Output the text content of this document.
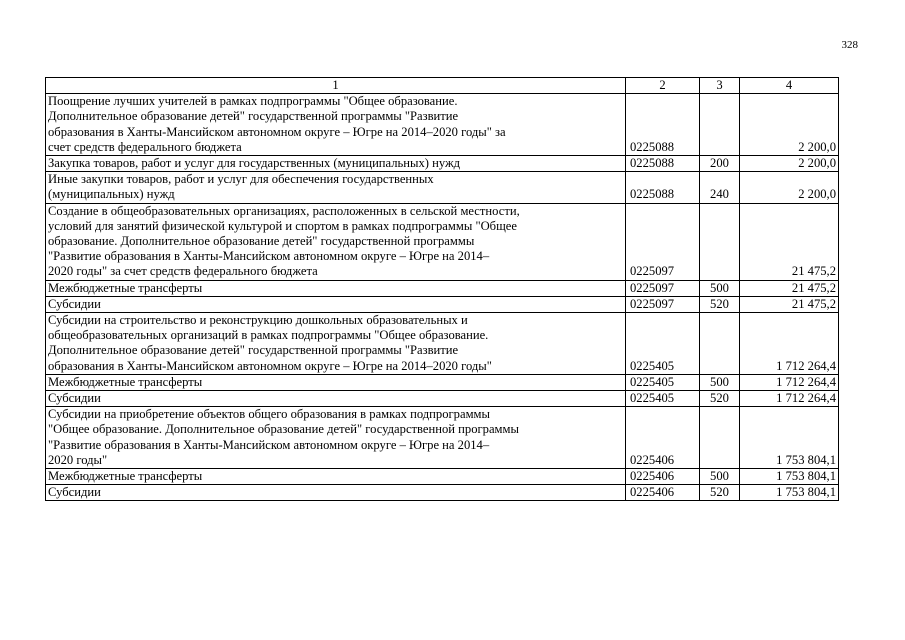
328
1	2	3	4

Поощрение лучших учителей в рамках подпрограммы "Общее образование.
Дополнительное образование детей" государственной программы "Развитие
образования в Ханты-Мансийском автономном округе – Югре на 2014–2020 годы" за
счет средств федерального бюджета	0225088		2 200,0

Закупка товаров, работ и услуг для государственных (муниципальных) нужд	0225088	200	2 200,0

Иные закупки товаров, работ и услуг для обеспечения государственных
(муниципальных) нужд	0225088	240	2 200,0

Создание в общеобразовательных организациях, расположенных в сельской местности,
условий для занятий физической культурой и спортом в рамках подпрограммы "Общее
образование. Дополнительное образование детей" государственной программы
"Развитие образования в Ханты-Мансийском автономном округе – Югре на 2014–
2020 годы" за счет средств федерального бюджета	0225097		21 475,2

Межбюджетные трансферты	0225097	500	21 475,2

Субсидии	0225097	520	21 475,2

Субсидии на строительство и реконструкцию дошкольных образовательных и
общеобразовательных организаций в рамках подпрограммы "Общее образование.
Дополнительное образование детей" государственной программы "Развитие
образования в Ханты-Мансийском автономном округе – Югре на 2014–2020 годы"	0225405		1 712 264,4

Межбюджетные трансферты	0225405	500	1 712 264,4

Субсидии	0225405	520	1 712 264,4

Субсидии на приобретение объектов общего образования в рамках подпрограммы
"Общее образование. Дополнительное образование детей" государственной программы
"Развитие образования в Ханты-Мансийском автономном округе – Югре на 2014–
2020 годы"	0225406		1 753 804,1

Межбюджетные трансферты	0225406	500	1 753 804,1

Субсидии	0225406	520	1 753 804,1
